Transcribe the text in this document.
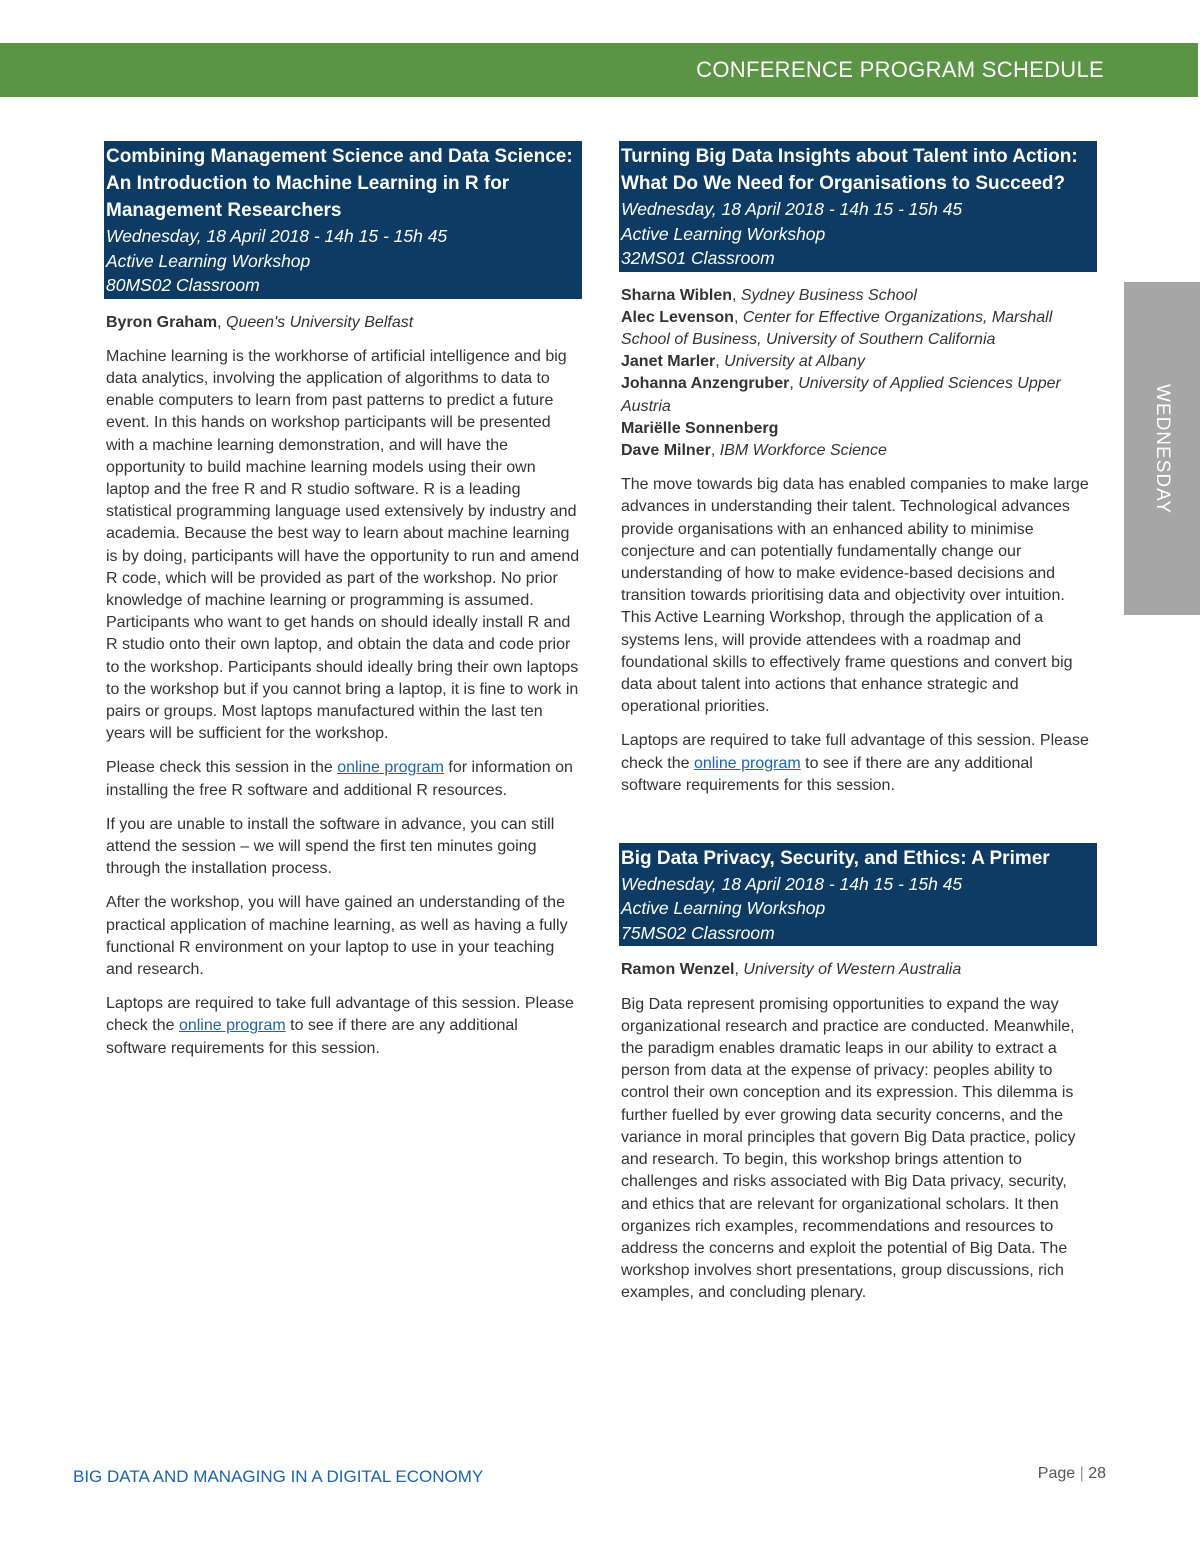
CONFERENCE PROGRAM SCHEDULE
WEDNESDAY
Combining Management Science and Data Science: An Introduction to Machine Learning in R for Management Researchers
Wednesday, 18 April 2018 - 14h 15 - 15h 45
Active Learning Workshop
80MS02 Classroom
Byron Graham, Queen's University Belfast

Machine learning is the workhorse of artificial intelligence and big data analytics, involving the application of algorithms to data to enable computers to learn from past patterns to predict a future event. In this hands on workshop participants will be presented with a machine learning demonstration, and will have the opportunity to build machine learning models using their own laptop and the free R and R studio software. R is a leading statistical programming language used extensively by industry and academia. Because the best way to learn about machine learning is by doing, participants will have the opportunity to run and amend R code, which will be provided as part of the workshop. No prior knowledge of machine learning or programming is assumed. Participants who want to get hands on should ideally install R and R studio onto their own laptop, and obtain the data and code prior to the workshop. Participants should ideally bring their own laptops to the workshop but if you cannot bring a laptop, it is fine to work in pairs or groups. Most laptops manufactured within the last ten years will be sufficient for the workshop.

Please check this session in the online program for information on installing the free R software and additional R resources.

If you are unable to install the software in advance, you can still attend the session – we will spend the first ten minutes going through the installation process.

After the workshop, you will have gained an understanding of the practical application of machine learning, as well as having a fully functional R environment on your laptop to use in your teaching and research.

Laptops are required to take full advantage of this session. Please check the online program to see if there are any additional software requirements for this session.

Turning Big Data Insights about Talent into Action: What Do We Need for Organisations to Succeed?
Wednesday, 18 April 2018 - 14h 15 - 15h 45
Active Learning Workshop
32MS01 Classroom
Sharna Wiblen, Sydney Business School
Alec Levenson, Center for Effective Organizations, Marshall School of Business, University of Southern California
Janet Marler, University at Albany
Johanna Anzengruber, University of Applied Sciences Upper Austria
Mariëlle Sonnenberg
Dave Milner, IBM Workforce Science

The move towards big data has enabled companies to make large advances in understanding their talent. Technological advances provide organisations with an enhanced ability to minimise conjecture and can potentially fundamentally change our understanding of how to make evidence-based decisions and transition towards prioritising data and objectivity over intuition. This Active Learning Workshop, through the application of a systems lens, will provide attendees with a roadmap and foundational skills to effectively frame questions and convert big data about talent into actions that enhance strategic and operational priorities.

Laptops are required to take full advantage of this session. Please check the online program to see if there are any additional software requirements for this session.

Big Data Privacy, Security, and Ethics: A Primer
Wednesday, 18 April 2018 - 14h 15 - 15h 45
Active Learning Workshop
75MS02 Classroom
Ramon Wenzel, University of Western Australia

Big Data represent promising opportunities to expand the way organizational research and practice are conducted. Meanwhile, the paradigm enables dramatic leaps in our ability to extract a person from data at the expense of privacy: peoples ability to control their own conception and its expression. This dilemma is further fuelled by ever growing data security concerns, and the variance in moral principles that govern Big Data practice, policy and research. To begin, this workshop brings attention to challenges and risks associated with Big Data privacy, security, and ethics that are relevant for organizational scholars. It then organizes rich examples, recommendations and resources to address the concerns and exploit the potential of Big Data. The workshop involves short presentations, group discussions, rich examples, and concluding plenary.

BIG DATA AND MANAGING IN A DIGITAL ECONOMY	Page | 28
